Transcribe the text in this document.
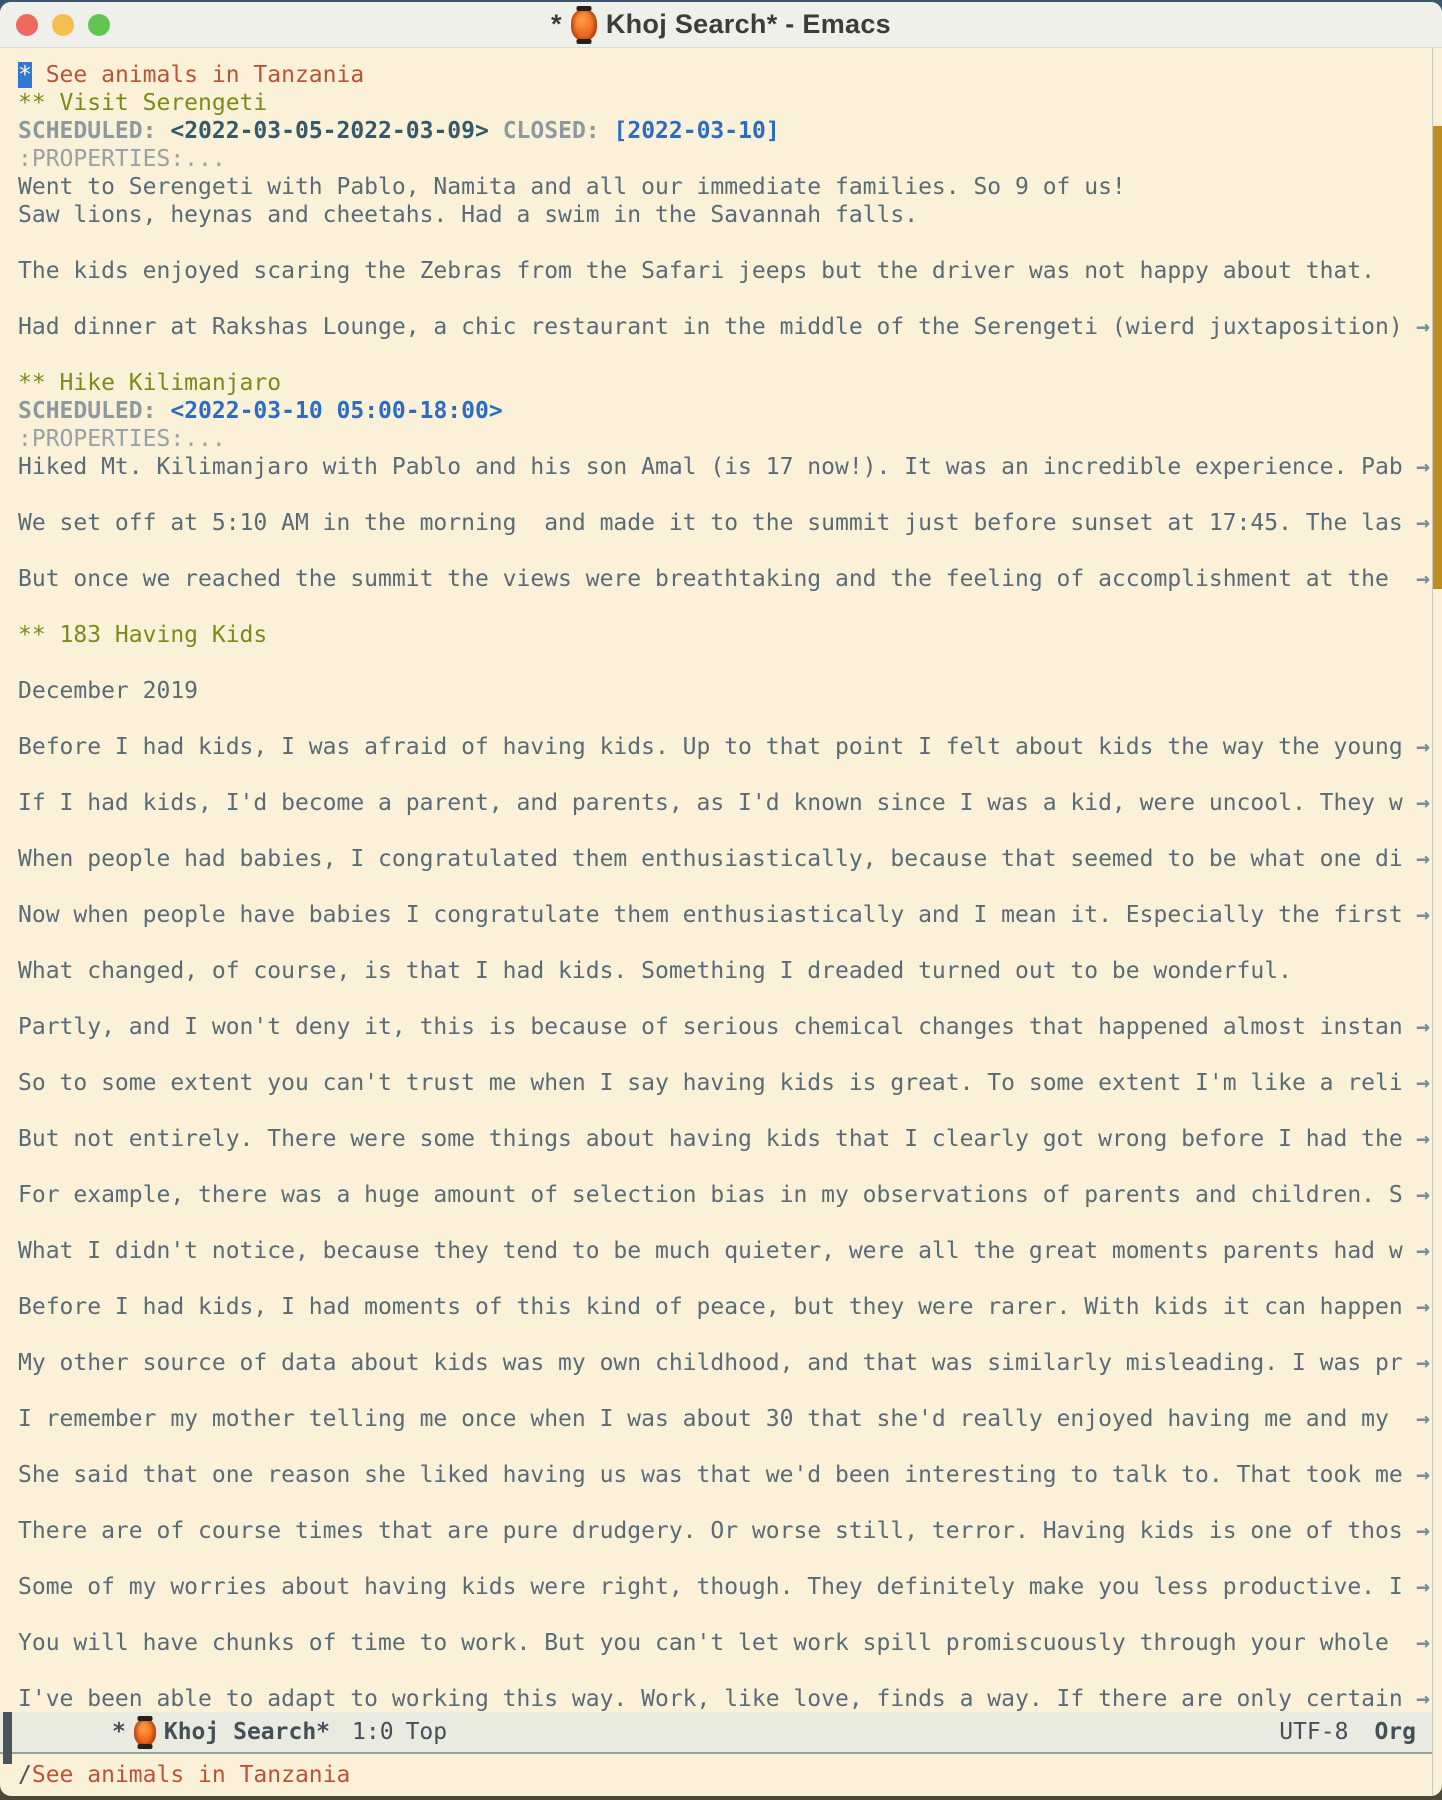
* Khoj Search* - Emacs
* See animals in Tanzania
** Visit Serengeti
SCHEDULED: <2022-03-05-2022-03-09> CLOSED: [2022-03-10]
:PROPERTIES:...
Went to Serengeti with Pablo, Namita and all our immediate families. So 9 of us!
Saw lions, heynas and cheetahs. Had a swim in the Savannah falls.

The kids enjoyed scaring the Zebras from the Safari jeeps but the driver was not happy about that.

Had dinner at Rakshas Lounge, a chic restaurant in the middle of the Serengeti (wierd juxtaposition) →

** Hike Kilimanjaro
SCHEDULED: <2022-03-10 05:00-18:00>
:PROPERTIES:...
Hiked Mt. Kilimanjaro with Pablo and his son Amal (is 17 now!). It was an incredible experience. Pab →

We set off at 5:10 AM in the morning  and made it to the summit just before sunset at 17:45. The las →

But once we reached the summit the views were breathtaking and the feeling of accomplishment at the →

** 183 Having Kids

December 2019

Before I had kids, I was afraid of having kids. Up to that point I felt about kids the way the young →

If I had kids, I'd become a parent, and parents, as I'd known since I was a kid, were uncool. They w →

When people had babies, I congratulated them enthusiastically, because that seemed to be what one di →

Now when people have babies I congratulate them enthusiastically and I mean it. Especially the first →

What changed, of course, is that I had kids. Something I dreaded turned out to be wonderful.

Partly, and I won't deny it, this is because of serious chemical changes that happened almost instan →

So to some extent you can't trust me when I say having kids is great. To some extent I'm like a reli →

But not entirely. There were some things about having kids that I clearly got wrong before I had the →

For example, there was a huge amount of selection bias in my observations of parents and children. S →

What I didn't notice, because they tend to be much quieter, were all the great moments parents had w →

Before I had kids, I had moments of this kind of peace, but they were rarer. With kids it can happen →

My other source of data about kids was my own childhood, and that was similarly misleading. I was pr →

I remember my mother telling me once when I was about 30 that she'd really enjoyed having me and my →

She said that one reason she liked having us was that we'd been interesting to talk to. That took me →

There are of course times that are pure drudgery. Or worse still, terror. Having kids is one of thos →

Some of my worries about having kids were right, though. They definitely make you less productive. I →

You will have chunks of time to work. But you can't let work spill promiscuously through your whole →

I've been able to adapt to working this way. Work, like love, finds a way. If there are only certain →
* Khoj Search* 1:0 Top	UTF-8 Org
/ See animals in Tanzania
